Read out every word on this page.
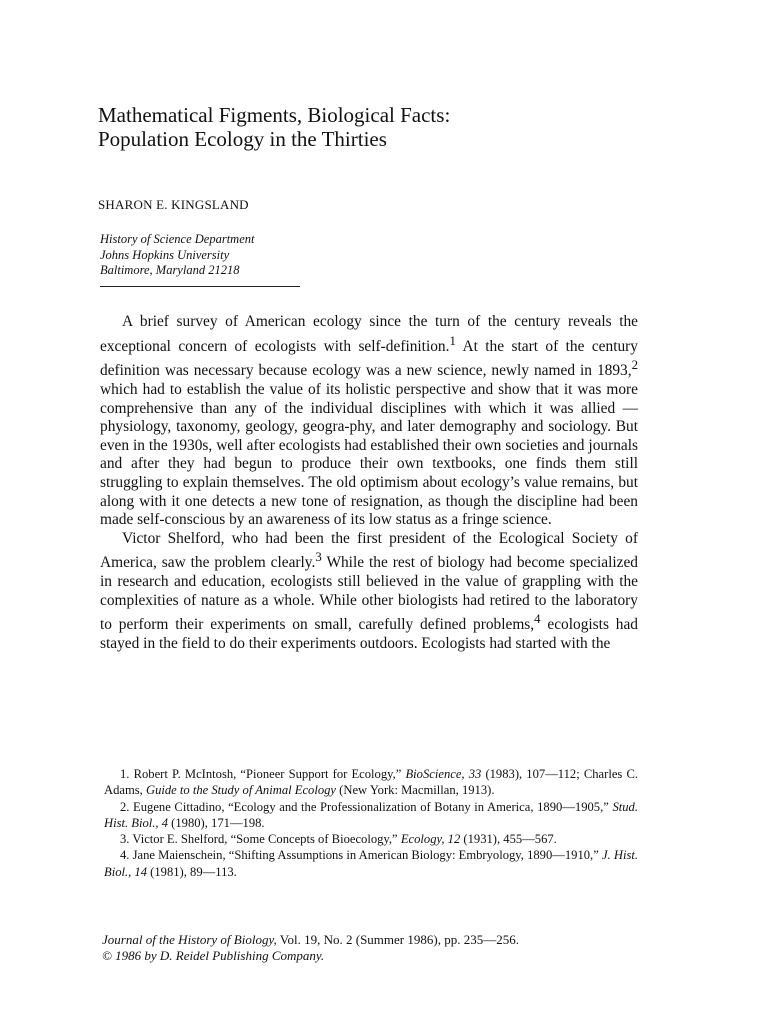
Mathematical Figments, Biological Facts:
Population Ecology in the Thirties
SHARON E. KINGSLAND
History of Science Department
Johns Hopkins University
Baltimore, Maryland 21218

A brief survey of American ecology since the turn of the century reveals the exceptional concern of ecologists with self-definition.$^1$ At the start of the century definition was necessary because ecology was a new science, newly named in 1893,$^2$ which had to establish the value of its holistic perspective and show that it was more comprehensive than any of the individual disciplines with which it was allied — physiology, taxonomy, geology, geogra-phy, and later demography and sociology. But even in the 1930s, well after ecologists had established their own societies and journals and after they had begun to produce their own textbooks, one finds them still struggling to explain themselves. The old optimism about ecology’s value remains, but along with it one detects a new tone of resignation, as though the discipline had been made self-conscious by an awareness of its low status as a fringe science.

Victor Shelford, who had been the first president of the Ecological Society of America, saw the problem clearly.$^3$ While the rest of biology had become specialized in research and education, ecologists still believed in the value of grappling with the complexities of nature as a whole. While other biologists had retired to the laboratory to perform their experiments on small, carefully defined problems,$^4$ ecologists had stayed in the field to do their experiments outdoors. Ecologists had started with the

1. Robert P. McIntosh, “Pioneer Support for Ecology,” BioScience, 33 (1983), 107—112; Charles C. Adams, Guide to the Study of Animal Ecology (New York: Macmillan, 1913).

2. Eugene Cittadino, “Ecology and the Professionalization of Botany in America, 1890—1905,” Stud. Hist. Biol., 4 (1980), 171—198.

3. Victor E. Shelford, “Some Concepts of Bioecology,” Ecology, 12 (1931), 455—567.

4. Jane Maienschein, “Shifting Assumptions in American Biology: Embryology, 1890—1910,” J. Hist. Biol., 14 (1981), 89—113.

Journal of the History of Biology, Vol. 19, No. 2 (Summer 1986), pp. 235—256.
© 1986 by D. Reidel Publishing Company.
